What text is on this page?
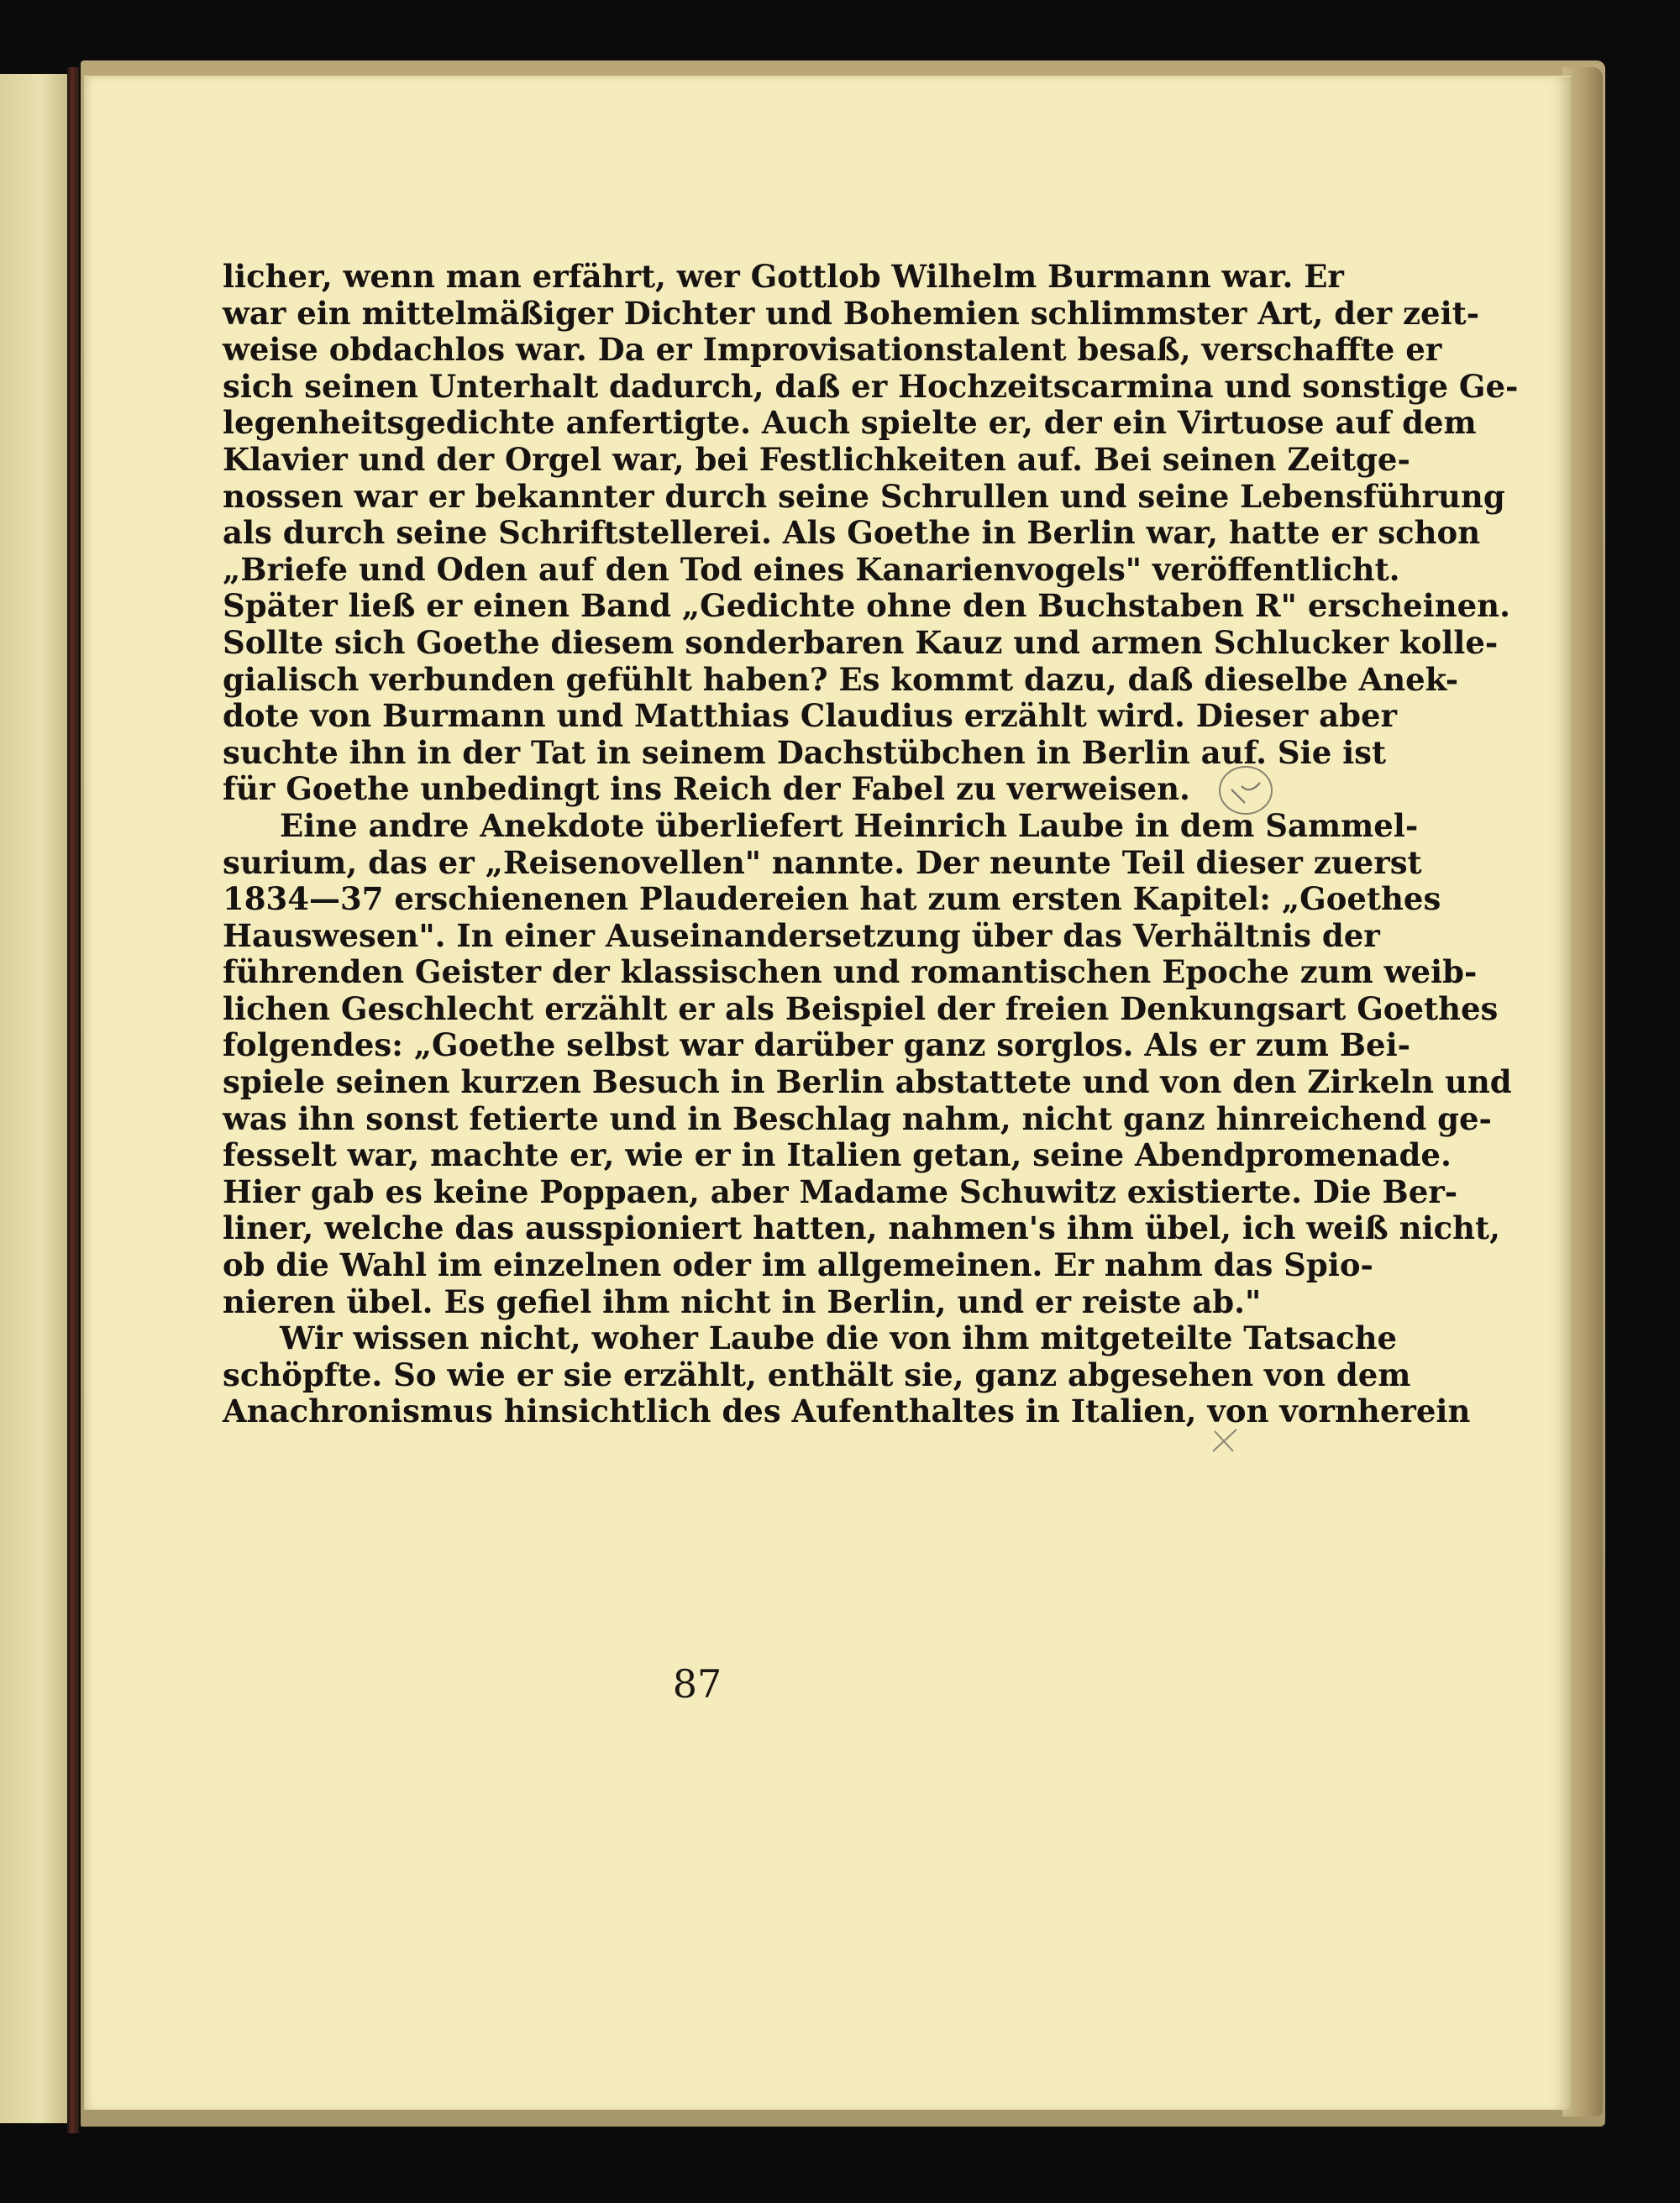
licher, wenn man erfährt, wer Gottlob Wilhelm Burmann war. Er
war ein mittelmäßiger Dichter und Bohemien schlimmster Art, der zeit-
weise obdachlos war. Da er Improvisationstalent besaß, verschaffte er
sich seinen Unterhalt dadurch, daß er Hochzeitscarmina und sonstige Ge-
legenheitsgedichte anfertigte. Auch spielte er, der ein Virtuose auf dem
Klavier und der Orgel war, bei Festlichkeiten auf. Bei seinen Zeitge-
nossen war er bekannter durch seine Schrullen und seine Lebensführung
als durch seine Schriftstellerei. Als Goethe in Berlin war, hatte er schon
„Briefe und Oden auf den Tod eines Kanarienvogels" veröffentlicht.
Später ließ er einen Band „Gedichte ohne den Buchstaben R" erscheinen.
Sollte sich Goethe diesem sonderbaren Kauz und armen Schlucker kolle-
gialisch verbunden gefühlt haben? Es kommt dazu, daß dieselbe Anek-
dote von Burmann und Matthias Claudius erzählt wird. Dieser aber
suchte ihn in der Tat in seinem Dachstübchen in Berlin auf. Sie ist
für Goethe unbedingt ins Reich der Fabel zu verweisen.

Eine andre Anekdote überliefert Heinrich Laube in dem Sammel-
surium, das er „Reisenovellen" nannte. Der neunte Teil dieser zuerst
1834—37 erschienenen Plaudereien hat zum ersten Kapitel: „Goethes
Hauswesen". In einer Auseinandersetzung über das Verhältnis der
führenden Geister der klassischen und romantischen Epoche zum weib-
lichen Geschlecht erzählt er als Beispiel der freien Denkungsart Goethes
folgendes: „Goethe selbst war darüber ganz sorglos. Als er zum Bei-
spiele seinen kurzen Besuch in Berlin abstattete und von den Zirkeln und
was ihn sonst fetierte und in Beschlag nahm, nicht ganz hinreichend ge-
fesselt war, machte er, wie er in Italien getan, seine Abendpromenade.
Hier gab es keine Poppaen, aber Madame Schuwitz existierte. Die Ber-
liner, welche das ausspioniert hatten, nahmen's ihm übel, ich weiß nicht,
ob die Wahl im einzelnen oder im allgemeinen. Er nahm das Spio-
nieren übel. Es gefiel ihm nicht in Berlin, und er reiste ab."

Wir wissen nicht, woher Laube die von ihm mitgeteilte Tatsache
schöpfte. So wie er sie erzählt, enthält sie, ganz abgesehen von dem
Anachronismus hinsichtlich des Aufenthaltes in Italien, von vornherein

87
